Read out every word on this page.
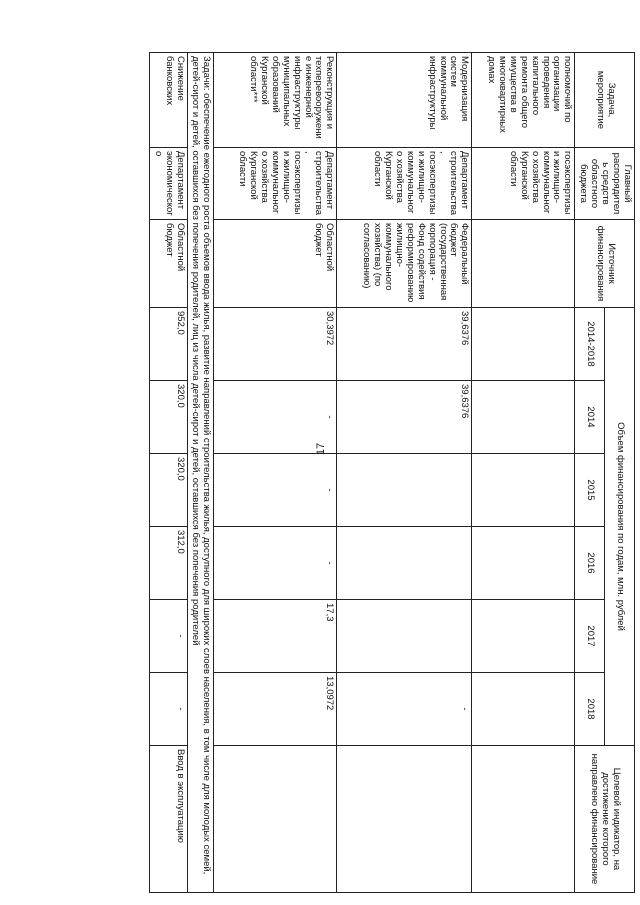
17
Задача, мероприятие	Главный распорядитель средств областного бюджета	Источник финансирования	Объем финансирования по годам, млн. рублей						Целевой индикатор, на достижение которого направлено финансирование
			2014-2018	2014	2015	2016	2017	2018	
полномочий по организации проведения капитального ремонта общего имущества в многоквартирных домах	госэкспертизы и жилищно-коммунального хозяйства Курганской области								
Модернизация систем коммунальной инфраструктуры	Департамент строительства, госэкспертизы и жилищно-коммунального хозяйства Курганской области	Федеральный бюджет (государственная корпорация - Фонд содействия реформированию жилищно-коммунального хозяйства) (по согласованию)	39,6376	39,6376				-	
Реконструкция и техперевооружение инженерной инфраструктуры муниципальных образований Курганской области***	Департамент строительства, госэкспертизы и жилищно-коммунального хозяйства Курганской области	Областной бюджет	30,3972	-	-	-	17,3	13,0972	
Задачи: обеспечение ежегодного роста объемов ввода жилья, развитие направлений строительства жилья, доступного для широких слоев населения, в том числе для молодых семей, детей-сирот и детей, оставшихся без попечения родителей, лиц из числа детей-сирот и детей, оставшихся без попечения родителей									
Снижение банковских	Департамент экономического	Областной бюджет	952,0	320,0	320,0	312,0	-	-	Ввод в эксплуатацию
